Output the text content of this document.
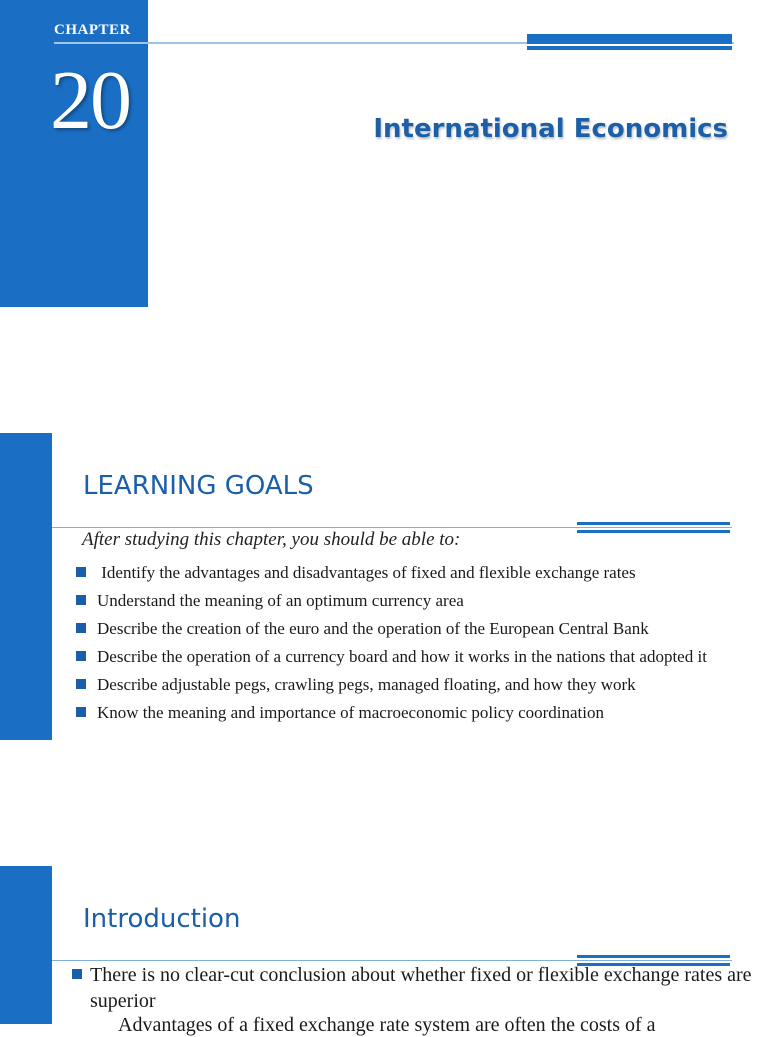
CHAPTER
20	International Economics
LEARNING GOALS
After studying this chapter, you should be able to:
Identify the advantages and disadvantages of fixed and flexible exchange rates
Understand the meaning of an optimum currency area
Describe the creation of the euro and the operation of the European Central Bank
Describe the operation of a currency board and how it works in the nations that adopted it
Describe adjustable pegs, crawling pegs, managed floating, and how they work
Know the meaning and importance of macroeconomic policy coordination
Introduction
There is no clear-cut conclusion about whether fixed or flexible exchange rates are superior
Advantages of a fixed exchange rate system are often the costs of a
